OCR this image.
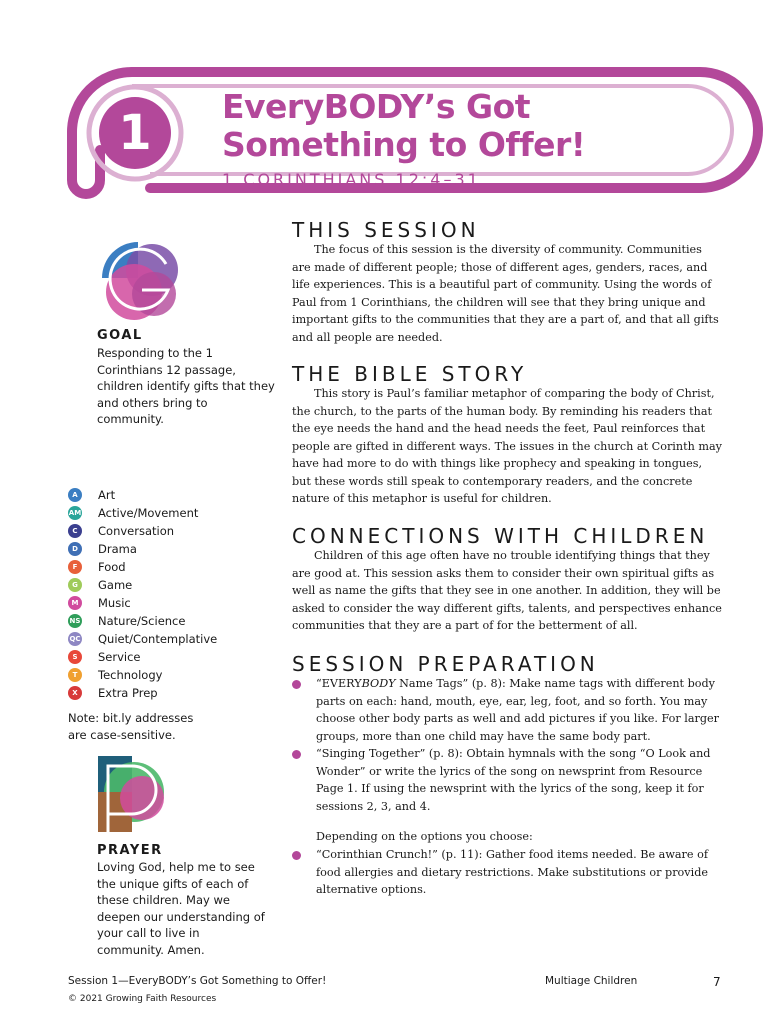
1	EveryBODY’s Got
Something to Offer!
1 CORINTHIANS 12:4–31
GOAL
Responding to the 1 Corinthians 12 passage, children identify gifts that they and others bring to community.
A	Art
AM Active/Movement
C	Conversation
D	Drama
F	Food
G	Game
M	Music
NS Nature/Science
QC Quiet/Contemplative
S	Service
T	Technology
X	Extra Prep
Note: bit.ly addresses
are case-sensitive.
PRAYER
Loving God, help me to see the unique gifts of each of these children. May we deepen our understanding of your call to live in community. Amen.
THIS SESSION

The focus of this session is the diversity of community. Communities are made of different people; those of different ages, genders, races, and life experiences. This is a beautiful part of community. Using the words of Paul from 1 Corinthians, the children will see that they bring unique and important gifts to the communities that they are a part of, and that all gifts and all people are needed.

THE BIBLE STORY

This story is Paul’s familiar metaphor of comparing the body of Christ, the church, to the parts of the human body. By reminding his readers that the eye needs the hand and the head needs the feet, Paul reinforces that people are gifted in different ways. The issues in the church at Corinth may have had more to do with things like prophecy and speaking in tongues, but these words still speak to contemporary readers, and the concrete nature of this metaphor is useful for children.

CONNECTIONS WITH CHILDREN

Children of this age often have no trouble identifying things that they are good at. This session asks them to consider their own spiritual gifts as well as name the gifts that they see in one another. In addition, they will be asked to consider the way different gifts, talents, and perspectives enhance communities that they are a part of for the betterment of all.

SESSION PREPARATION
“EVERYBODY Name Tags” (p. 8): Make name tags with different body parts on each: hand, mouth, eye, ear, leg, foot, and so forth. You may choose other body parts as well and add pictures if you like. For larger groups, more than one child may have the same body part.
“Singing Together” (p. 8): Obtain hymnals with the song “O Look and Wonder” or write the lyrics of the song on newsprint from Resource Page 1. If using the newsprint with the lyrics of the song, keep it for sessions 2, 3, and 4.

Depending on the options you choose:

“Corinthian Crunch!” (p. 11): Gather food items needed. Be aware of food allergies and dietary restrictions. Make substitutions or provide alternative options.
Session 1—EveryBODY’s Got Something to Offer!
© 2021 Growing Faith Resources
Multiage Children	7
